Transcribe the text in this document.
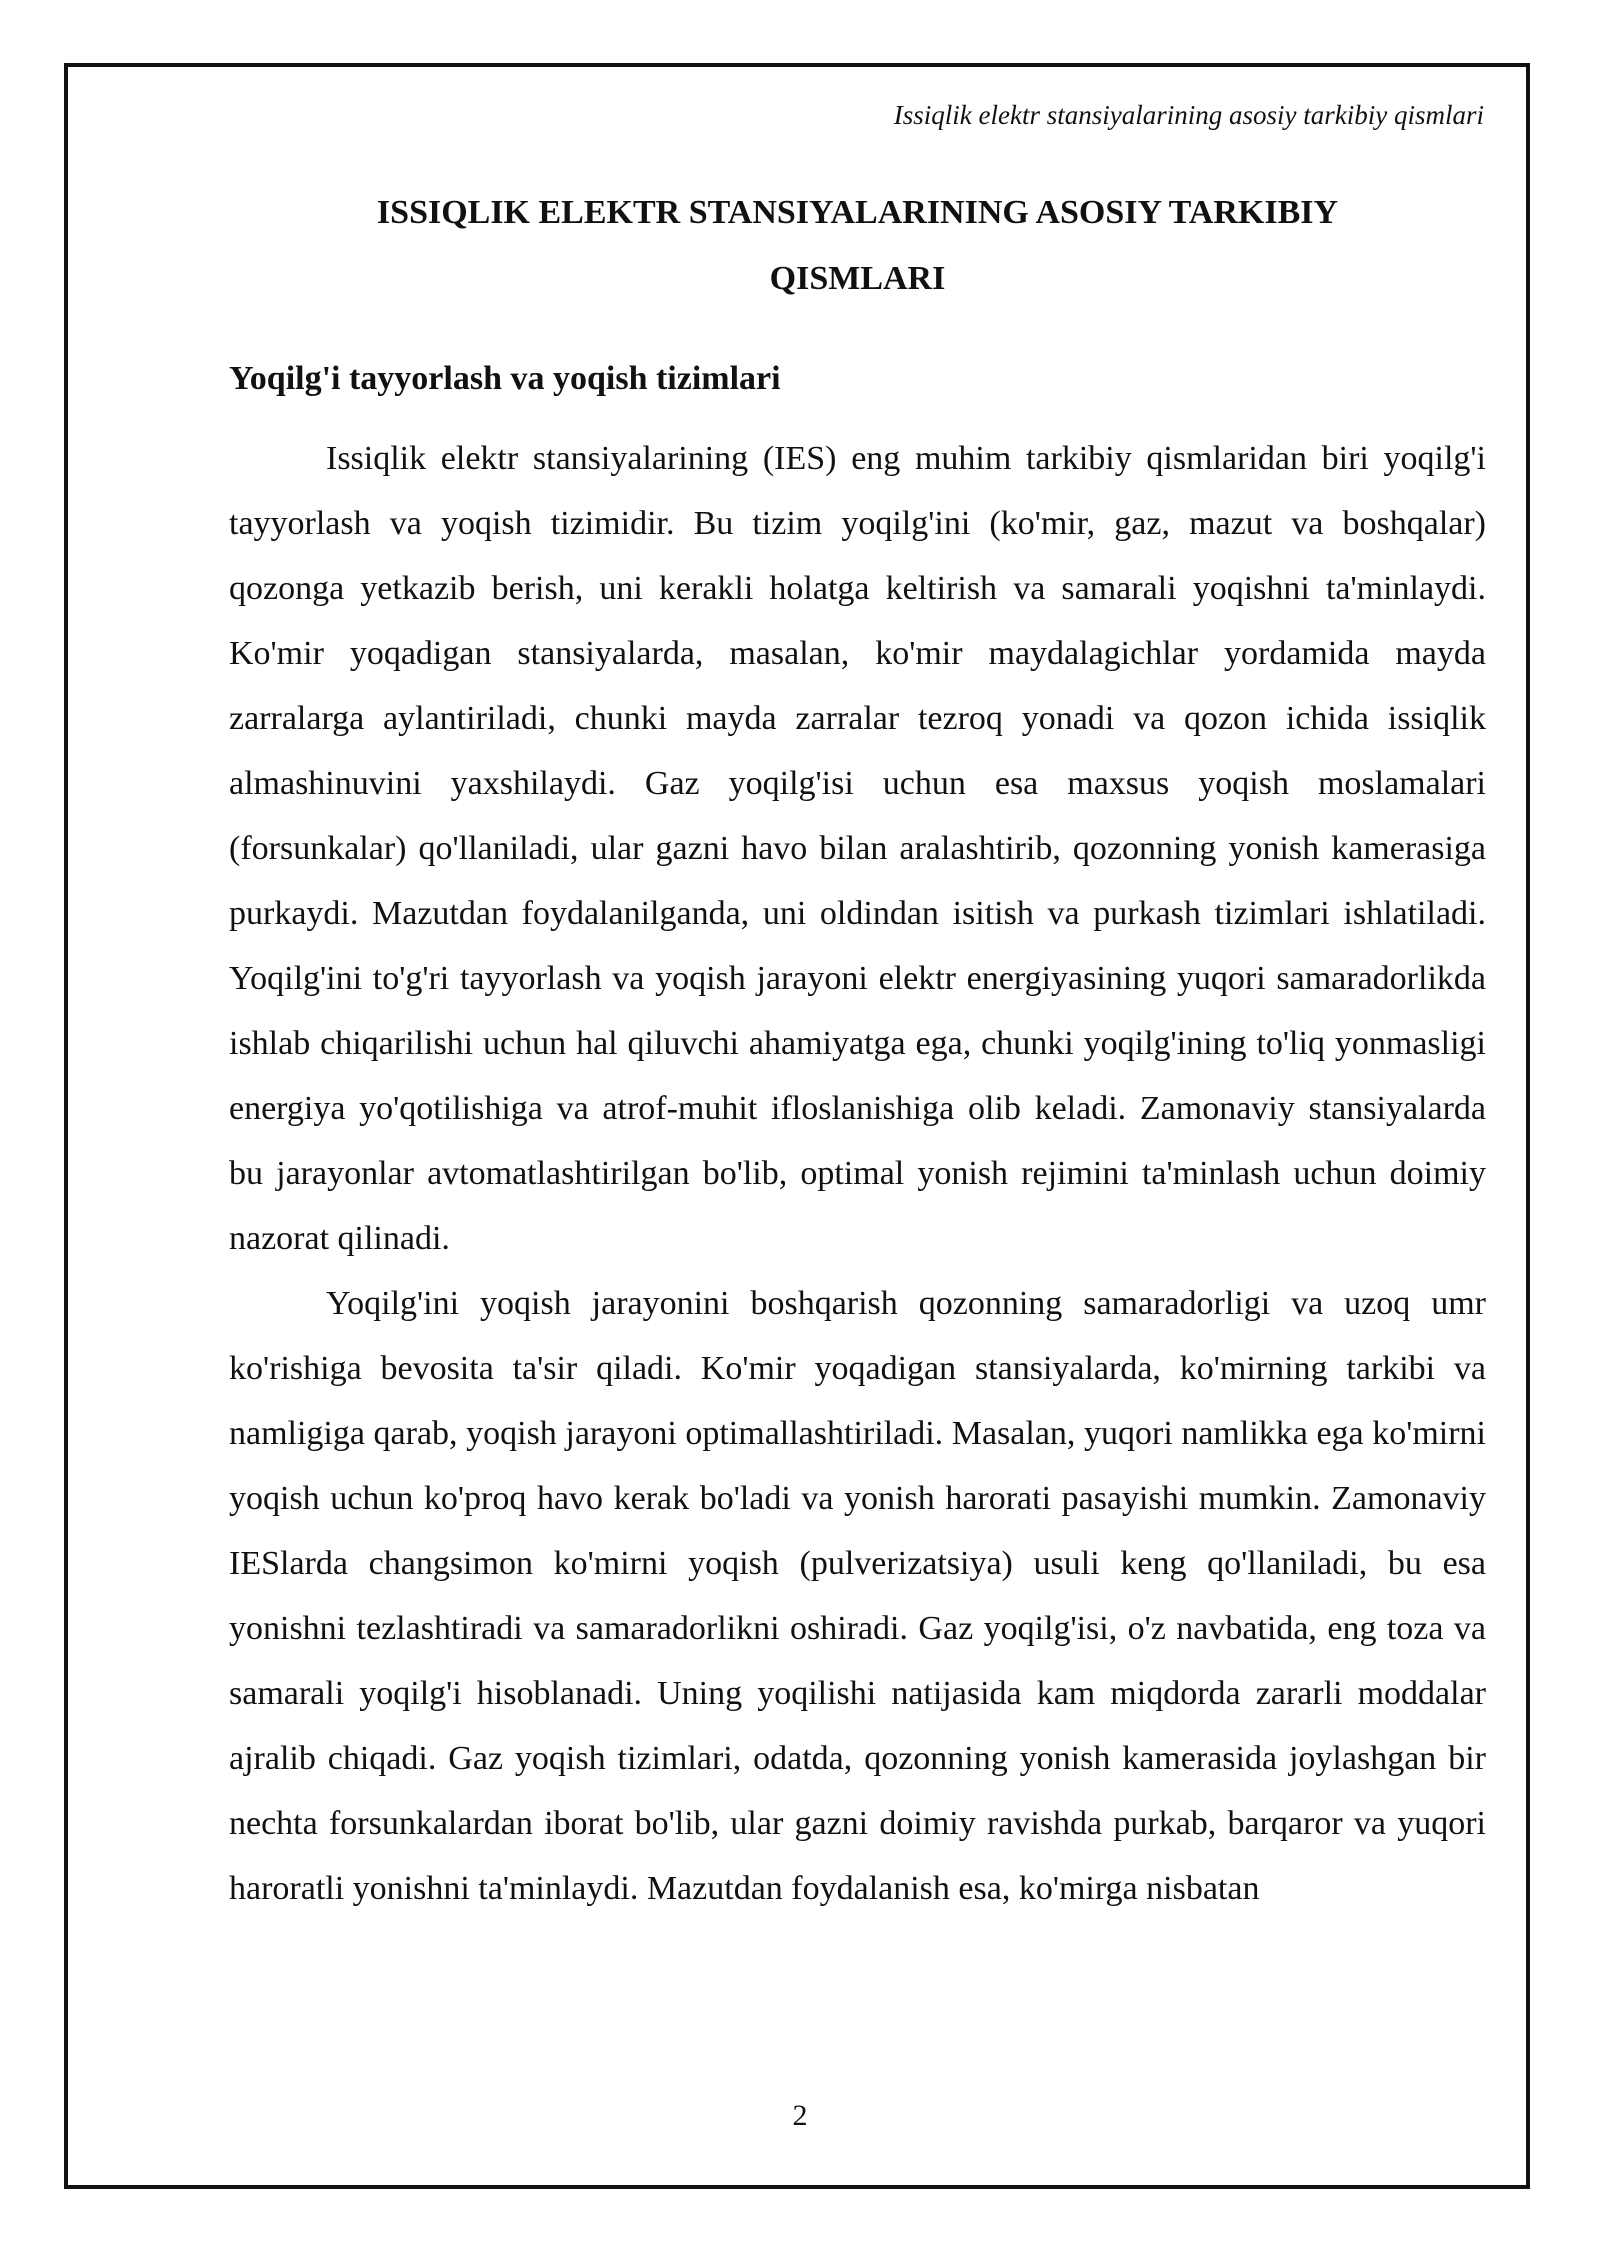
Issiqlik elektr stansiyalarining asosiy tarkibiy qismlari
ISSIQLIK ELEKTR STANSIYALARINING ASOSIY TARKIBIY
QISMLARI
Yoqilg'i tayyorlash va yoqish tizimlari

Issiqlik elektr stansiyalarining (IES) eng muhim tarkibiy qismlaridan biri yoqilg'i tayyorlash va yoqish tizimidir. Bu tizim yoqilg'ini (ko'mir, gaz, mazut va boshqalar) qozonga yetkazib berish, uni kerakli holatga keltirish va samarali yoqishni ta'minlaydi. Ko'mir yoqadigan stansiyalarda, masalan, ko'mir maydalagichlar yordamida mayda zarralarga aylantiriladi, chunki mayda zarralar tezroq yonadi va qozon ichida issiqlik almashinuvini yaxshilaydi. Gaz yoqilg'isi uchun esa maxsus yoqish moslamalari (forsunkalar) qo'llaniladi, ular gazni havo bilan aralashtirib, qozonning yonish kamerasiga purkaydi. Mazutdan foydalanilganda, uni oldindan isitish va purkash tizimlari ishlatiladi. Yoqilg'ini to'g'ri tayyorlash va yoqish jarayoni elektr energiyasining yuqori samaradorlikda ishlab chiqarilishi uchun hal qiluvchi ahamiyatga ega, chunki yoqilg'ining to'liq yonmasligi energiya yo'qotilishiga va atrof-muhit ifloslanishiga olib keladi. Zamonaviy stansiyalarda bu jarayonlar avtomatlashtirilgan bo'lib, optimal yonish rejimini ta'minlash uchun doimiy nazorat qilinadi.

Yoqilg'ini yoqish jarayonini boshqarish qozonning samaradorligi va uzoq umr ko'rishiga bevosita ta'sir qiladi. Ko'mir yoqadigan stansiyalarda, ko'mirning tarkibi va namligiga qarab, yoqish jarayoni optimallashtiriladi. Masalan, yuqori namlikka ega ko'mirni yoqish uchun ko'proq havo kerak bo'ladi va yonish harorati pasayishi mumkin. Zamonaviy IESlarda changsimon ko'mirni yoqish (pulverizatsiya) usuli keng qo'llaniladi, bu esa yonishni tezlashtiradi va samaradorlikni oshiradi. Gaz yoqilg'isi, o'z navbatida, eng toza va samarali yoqilg'i hisoblanadi. Uning yoqilishi natijasida kam miqdorda zararli moddalar ajralib chiqadi. Gaz yoqish tizimlari, odatda, qozonning yonish kamerasida joylashgan bir nechta forsunkalardan iborat bo'lib, ular gazni doimiy ravishda purkab, barqaror va yuqori haroratli yonishni ta'minlaydi. Mazutdan foydalanish esa, ko'mirga nisbatan

2
